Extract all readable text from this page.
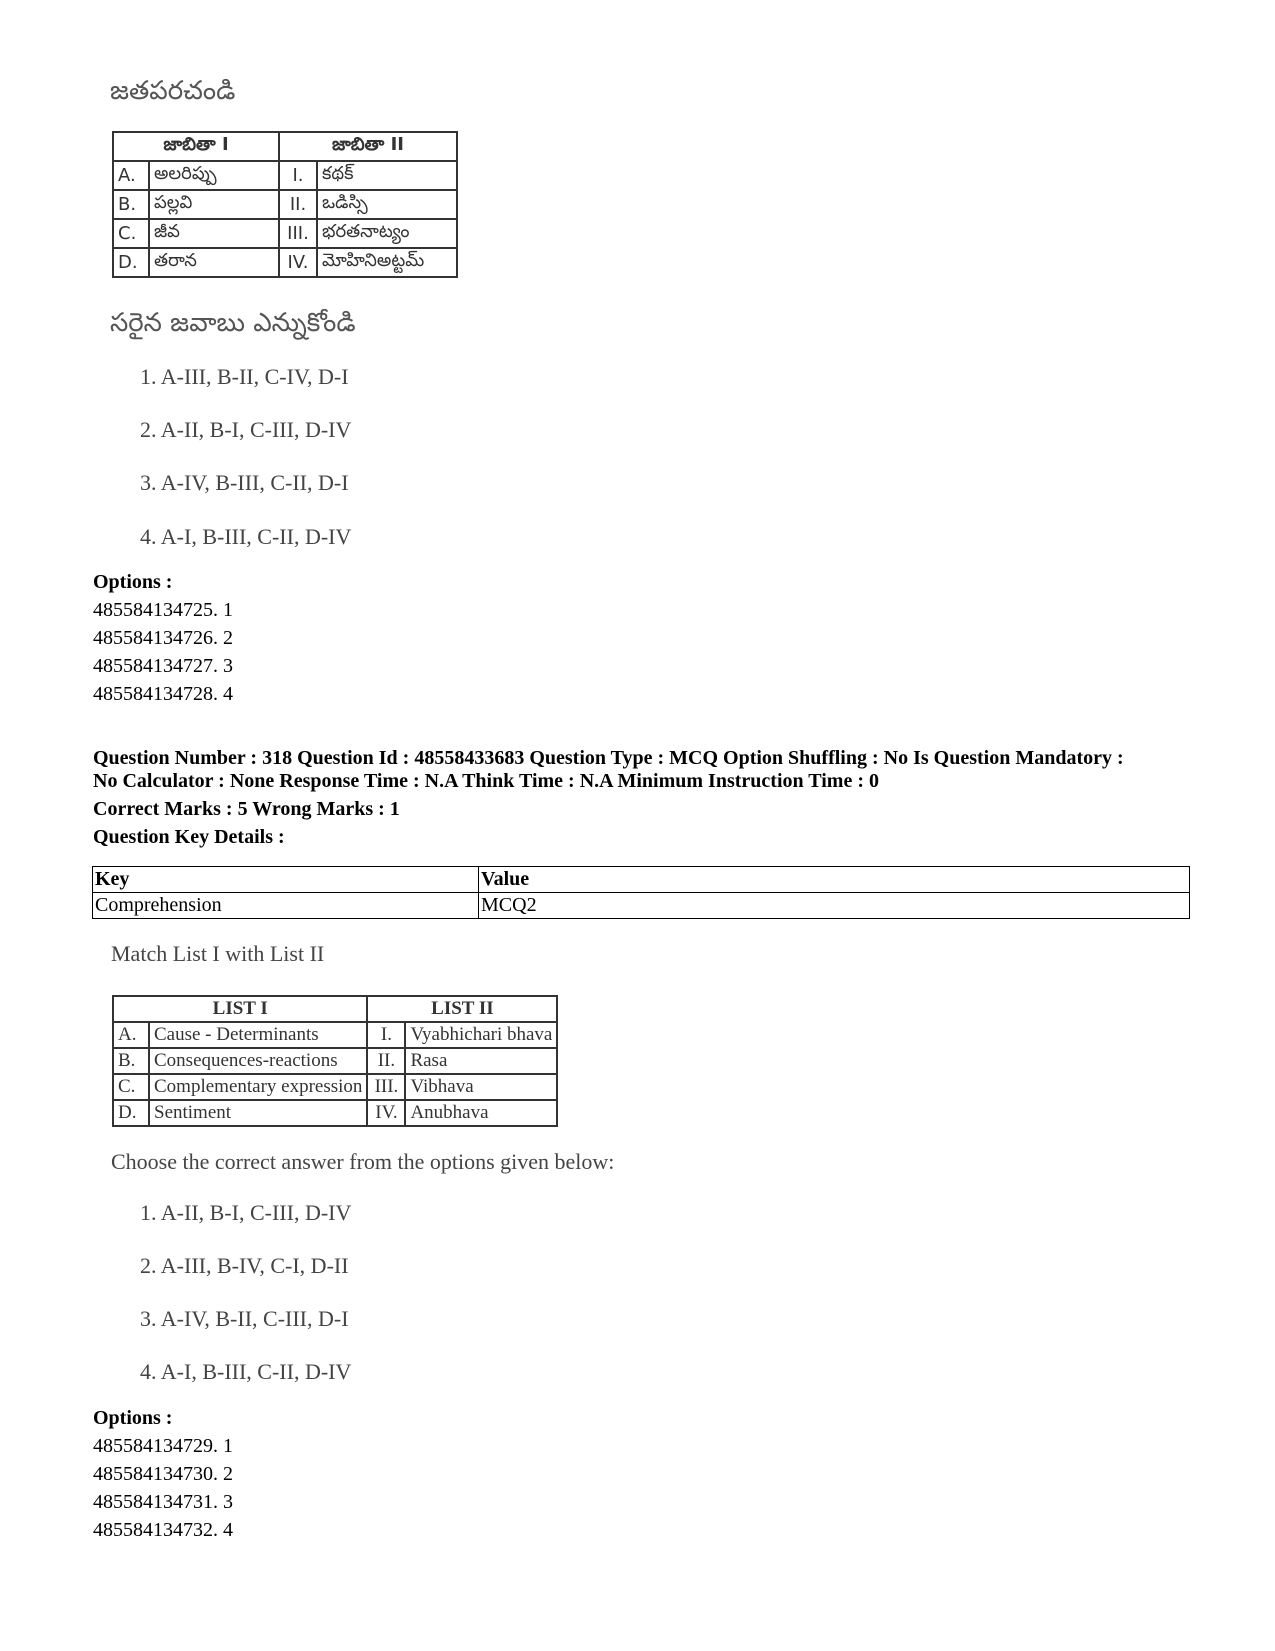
జతపరచండి
జాబితా I		జాబితా II	
A.	అలరిప్పు	I.	కథక్
B.	పల్లవి	II.	ఒడిస్సి
C.	జీవ	III.	భరతనాట్యం
D.	తరాన	IV.	మోహినిఅట్టమ్
సరైన జవాబు ఎన్నుకోండి
1. A-III, B-II, C-IV, D-I
2. A-II, B-I, C-III, D-IV
3. A-IV, B-III, C-II, D-I
4. A-I, B-III, C-II, D-IV
Options :
485584134725. 1
485584134726. 2
485584134727. 3
485584134728. 4
Question Number : 318 Question Id : 48558433683 Question Type : MCQ Option Shuffling : No Is Question Mandatory :
No Calculator : None Response Time : N.A Think Time : N.A Minimum Instruction Time : 0
Correct Marks : 5 Wrong Marks : 1
Question Key Details :
Key	Value
Comprehension	MCQ2
Match List I with List II
LIST I		LIST II	
A.	Cause - Determinants	I.	Vyabhichari bhava
B.	Consequences-reactions	II.	Rasa
C.	Complementary expression	III.	Vibhava
D.	Sentiment	IV.	Anubhava
Choose the correct answer from the options given below:
1. A-II, B-I, C-III, D-IV
2. A-III, B-IV, C-I, D-II
3. A-IV, B-II, C-III, D-I
4. A-I, B-III, C-II, D-IV
Options :
485584134729. 1
485584134730. 2
485584134731. 3
485584134732. 4
